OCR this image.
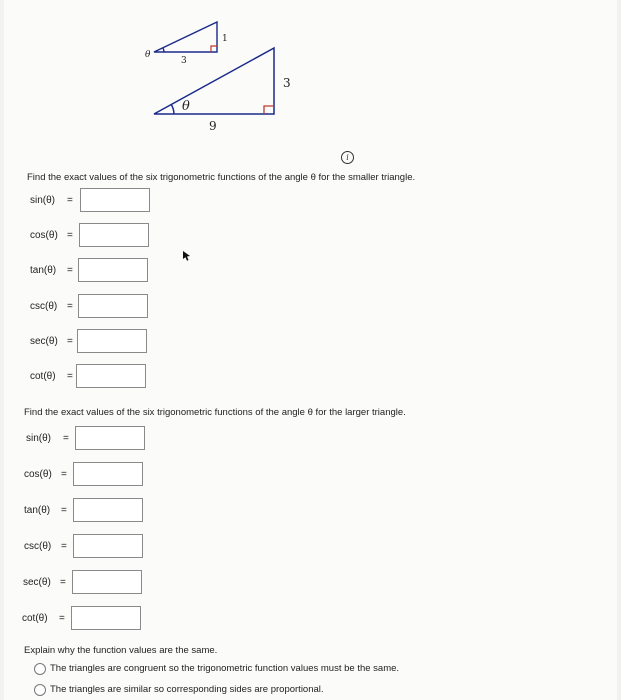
θ
3
1
θ
9
3
i
Find the exact values of the six trigonometric functions of the angle θ for the smaller triangle.
sin(θ) =
cos(θ) =
tan(θ) =
csc(θ) =
sec(θ) =
cot(θ) =
Find the exact values of the six trigonometric functions of the angle θ for the larger triangle.
sin(θ) =
cos(θ) =
tan(θ) =
csc(θ) =
sec(θ) =
cot(θ) =
Explain why the function values are the same.
The triangles are congruent so the trigonometric function values must be the same.
The triangles are similar so corresponding sides are proportional.
